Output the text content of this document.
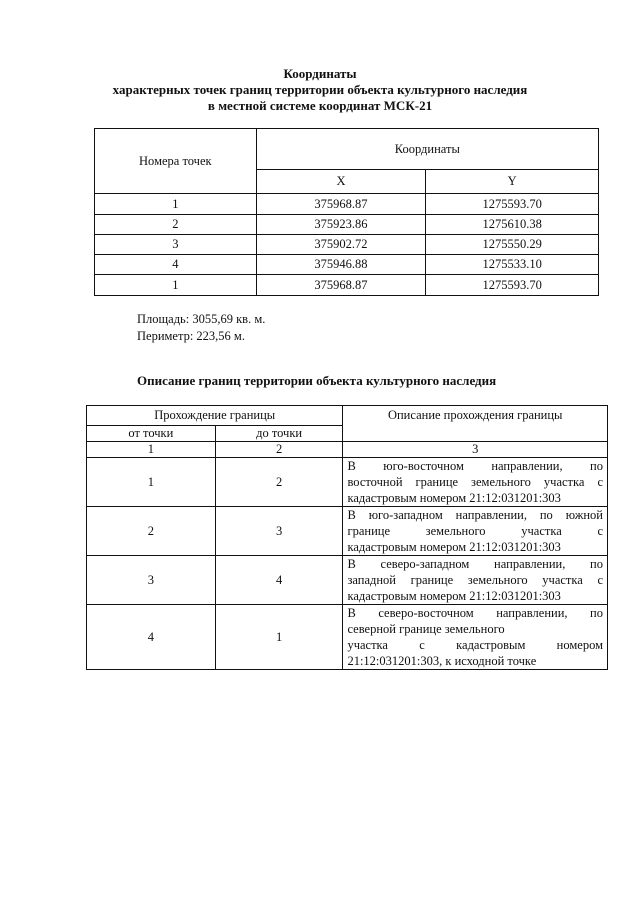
Координаты
характерных точек границ территории объекта культурного наследия
в местной системе координат МСК-21
Номера точек	Координаты	
	X	Y
1	375968.87	1275593.70
2	375923.86	1275610.38
3	375902.72	1275550.29
4	375946.88	1275533.10
1	375968.87	1275593.70
Площадь: 3055,69 кв. м.
Периметр: 223,56 м.
Описание границ территории объекта культурного наследия
Прохождение границы		Описание прохождения границы
от точки	до точки	
1	2	3
1	2	В юго-восточном направлении, по
восточной границе земельного участка с
кадастровым номером 21:12:031201:303

2	3	В юго-западном направлении, по южной
границе земельного участка с
кадастровым номером 21:12:031201:303

3	4	В северо-западном направлении, по
западной границе земельного участка с
кадастровым номером 21:12:031201:303

4	1	В северо-восточном направлении, по
северной границе земельного
участка с кадастровым номером
21:12:031201:303, к исходной точке
